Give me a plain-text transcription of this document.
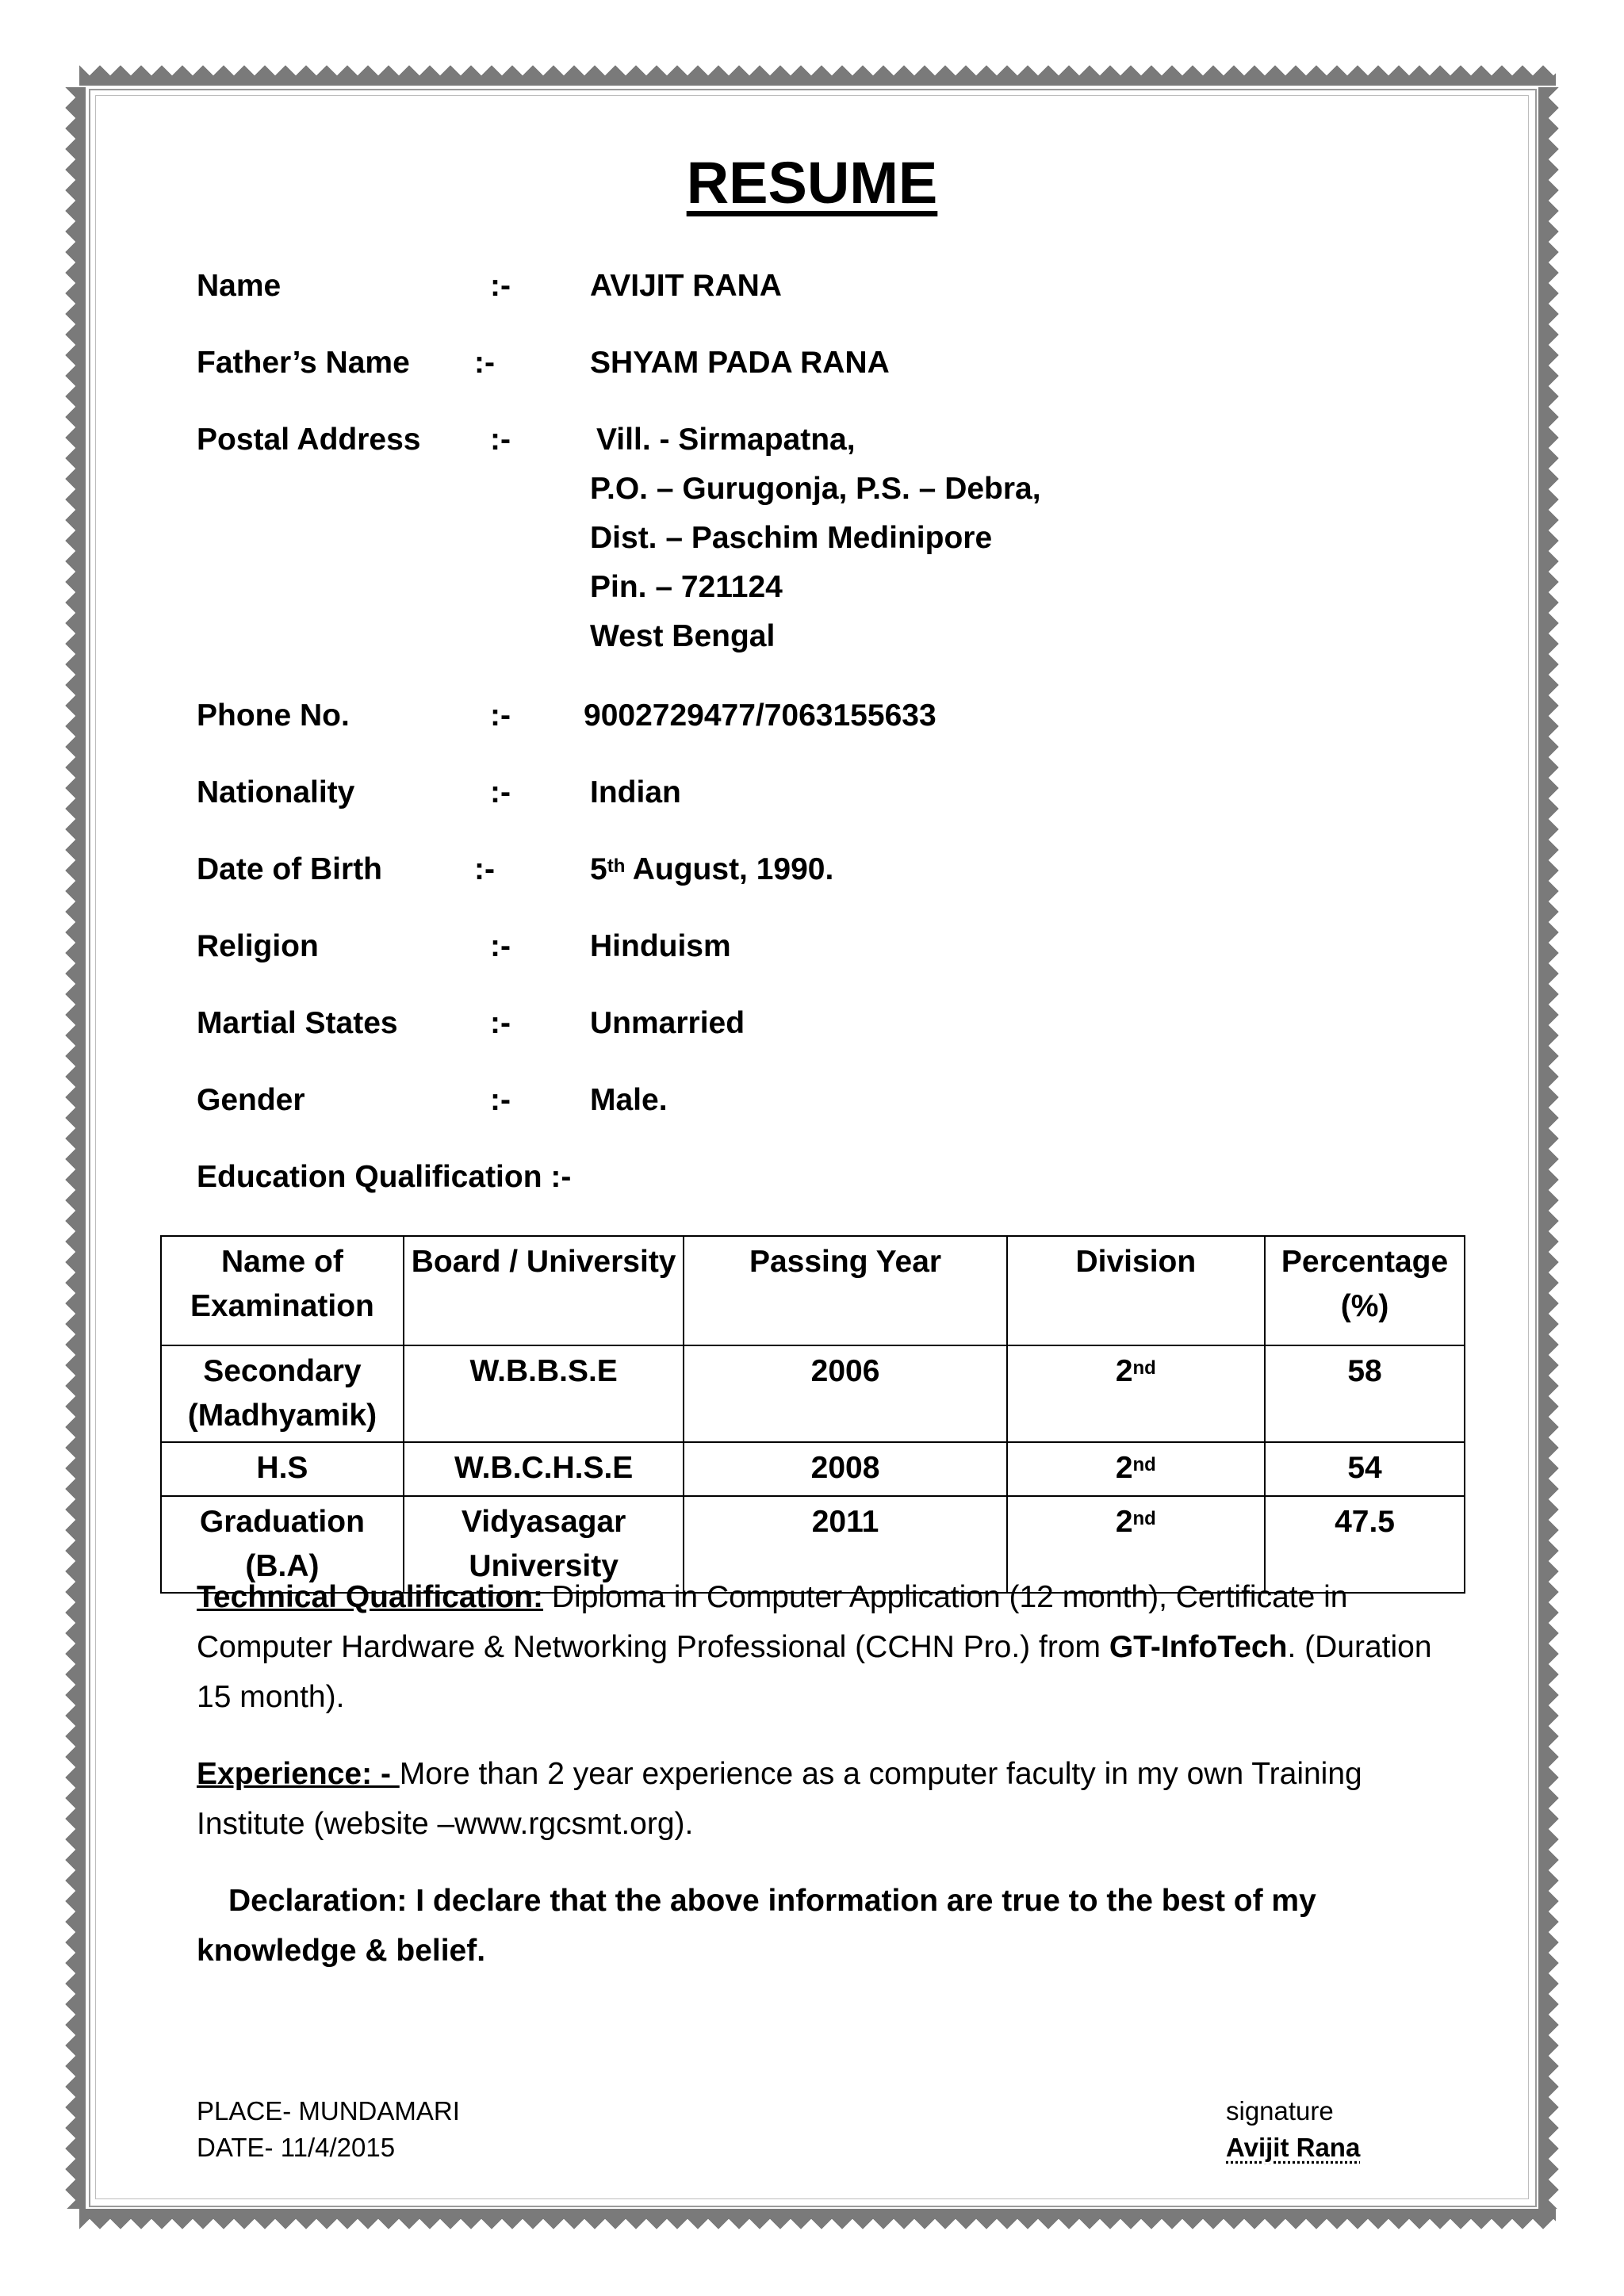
RESUME
Name	:-	AVIJIT RANA
Father’s Name :-	SHYAM PADA RANA
Postal Address :-	Vill. - Sirmapatna,
P.O. – Gurugonja, P.S. – Debra,
Dist. – Paschim Medinipore
Pin. – 721124
West Bengal
Phone No.	:- 9002729477/7063155633
Nationality	:-	Indian
Date of Birth	:-	5th August, 1990.
Religion	:-	Hinduism
Martial States	:-	Unmarried
Gender	:-	Male.
Education Qualification :-
Name of Examination	Board / University	Passing Year	Division	Percentage (%)
Secondary (Madhyamik)	W.B.B.S.E	2006	2nd	58
H.S	W.B.C.H.S.E	2008	2nd	54
Graduation (B.A)	Vidyasagar University	2011	2nd	47.5
Technical Qualification: Diploma in Computer Application (12 month), Certificate in Computer Hardware & Networking Professional (CCHN Pro.) from GT-InfoTech. (Duration 15 month).
Experience: - More than 2 year experience as a computer faculty in my own Training Institute (website –www.rgcsmt.org).
Declaration: I declare that the above information are true to the best of my knowledge & belief.
PLACE- MUNDAMARI
DATE- 11/4/2015
signature
Avijit Rana
